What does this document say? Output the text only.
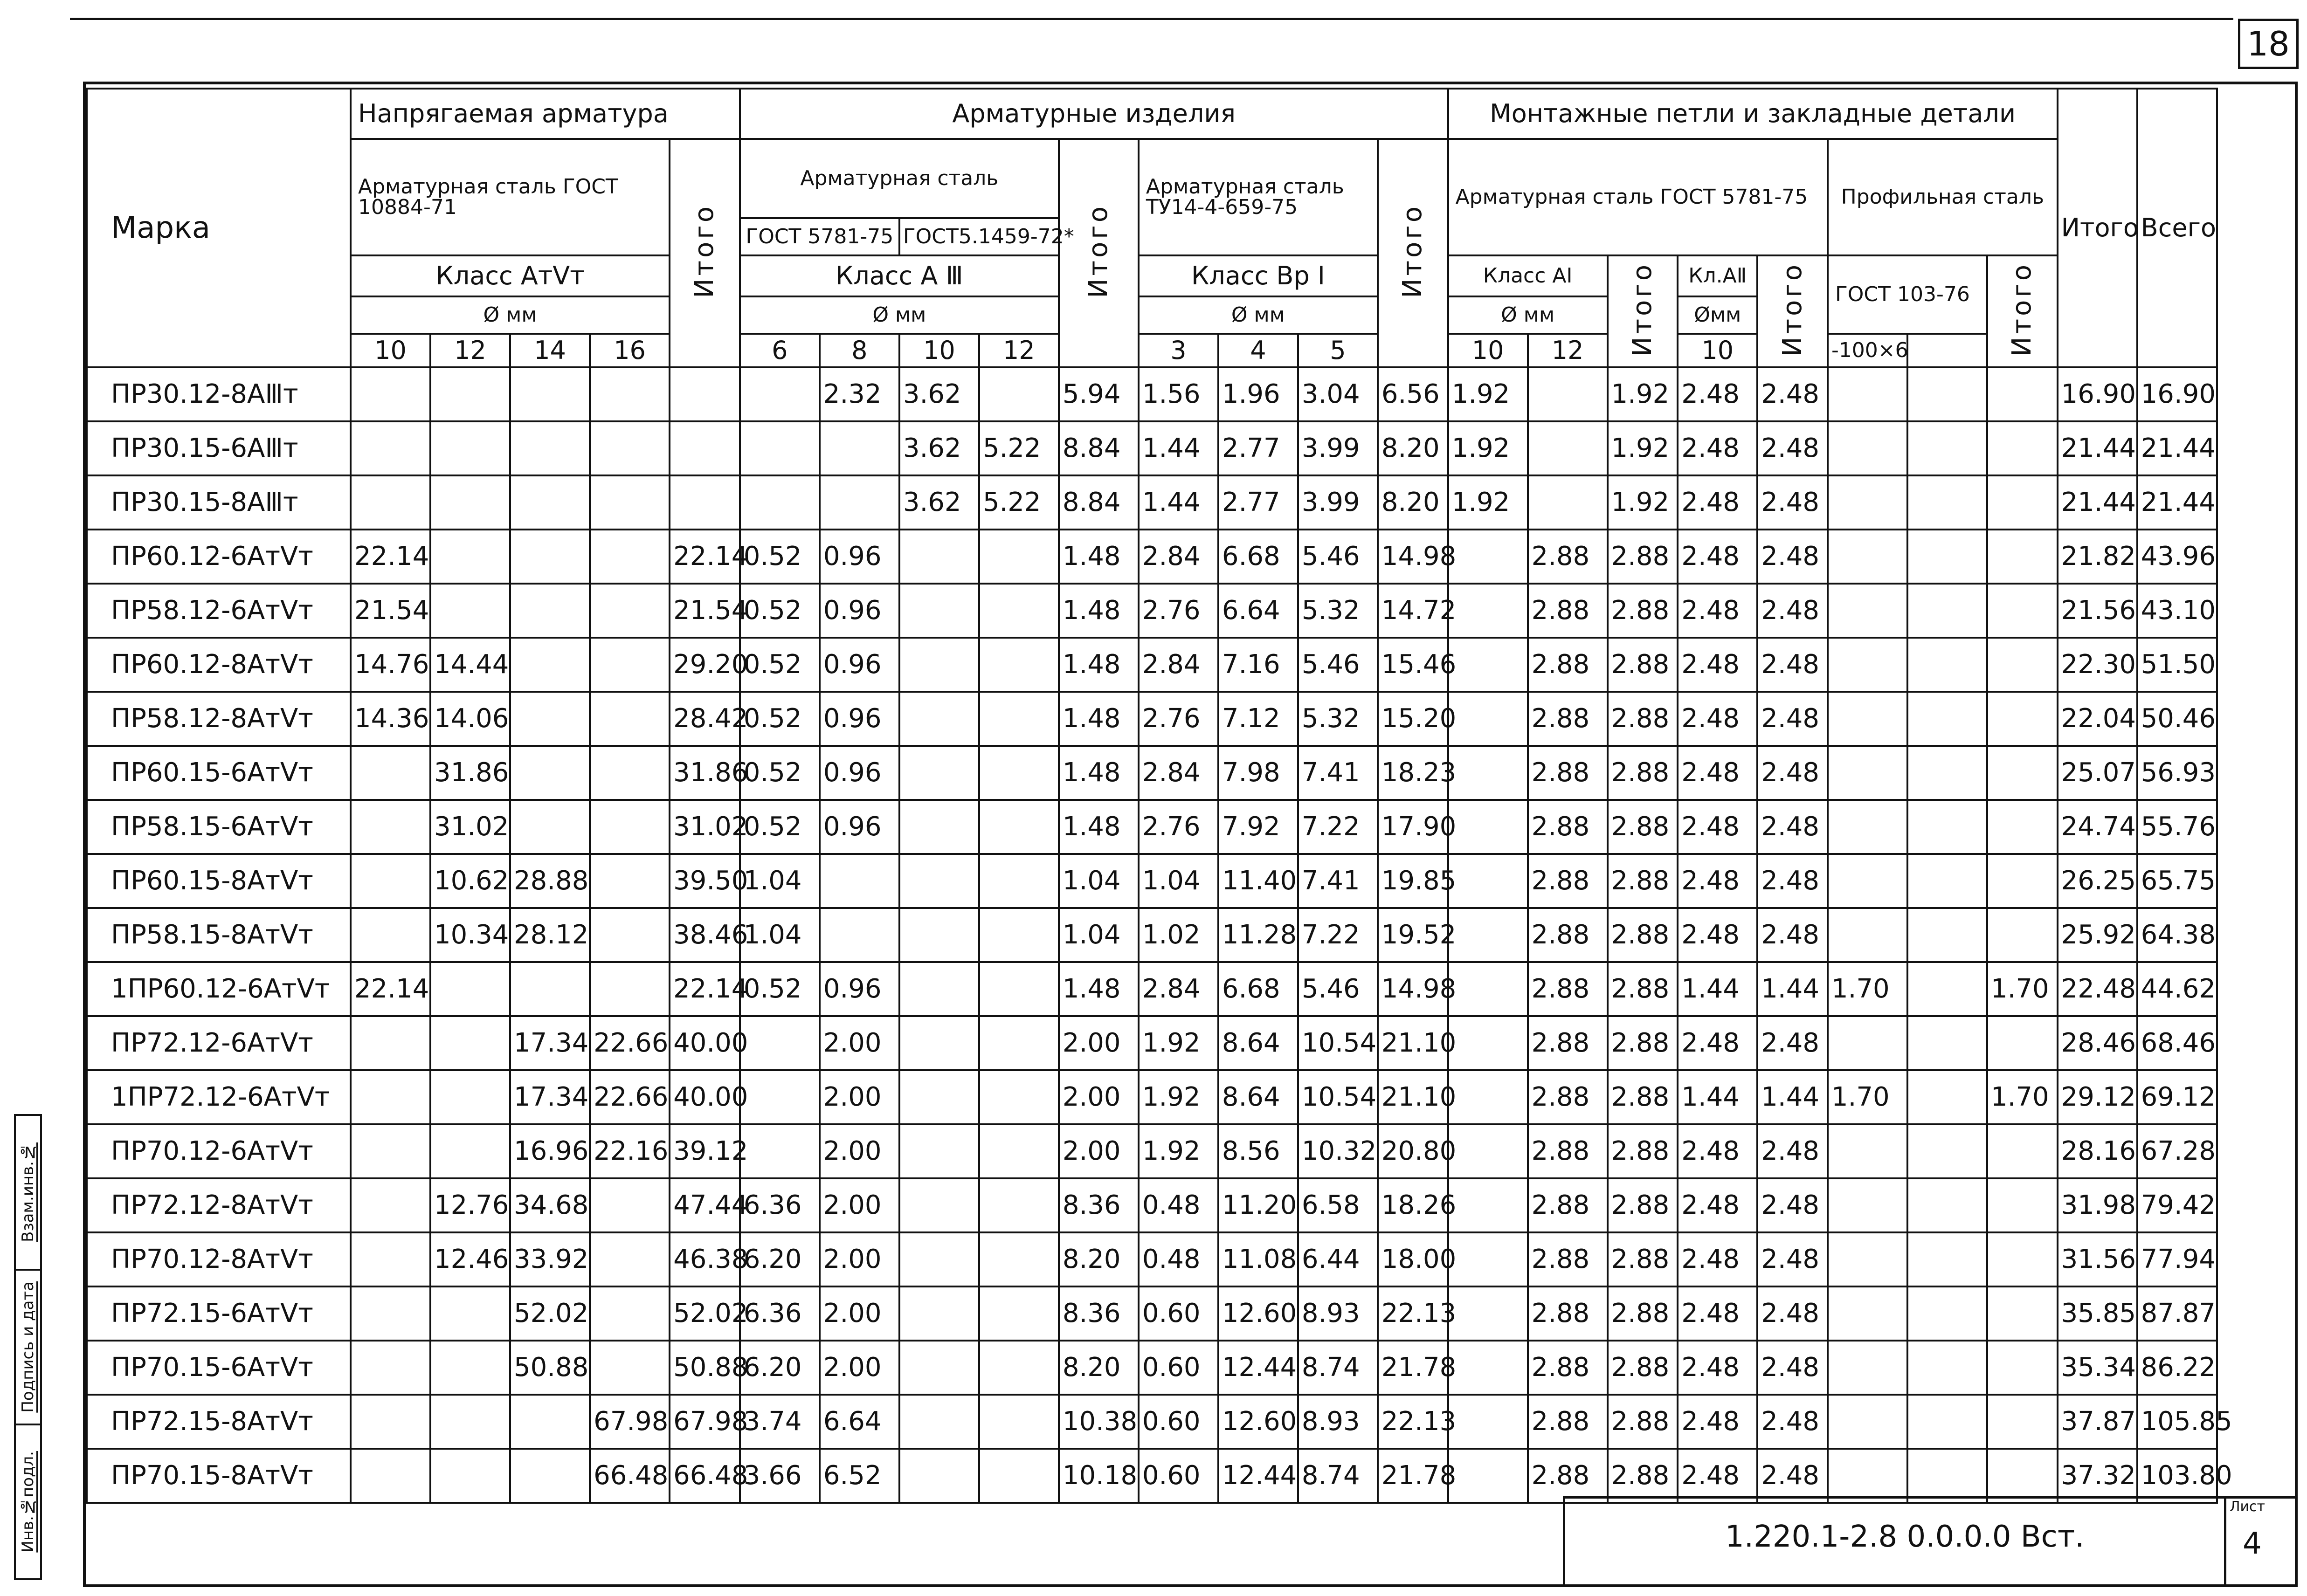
18
Марка	Напрягаемая арматура					Арматурные изделия									Монтажные петли и закладные детали								Итого	Всего
	Арматурная сталь ГОСТ 10884-71				Итого	Арматурная сталь				Итого	Арматурная сталь ТУ14-4-659-75			Итого	Арматурная сталь ГОСТ 5781-75					Профильная сталь				
						ГОСТ 5781-75		ГОСТ5.1459-72*																
	Класс АтⅤт					Класс А Ⅲ					Класс Вр Ⅰ				Класс АⅠ		Итого	Кл.АⅡ	Итого	ГОСТ 103-76		Итого		
	Ø мм					Ø мм					Ø мм				Ø мм			Øмм						
	10	12	14	16		6	8	10	12		3	4	5		10	12		10		-100×6				
ПР30.12-8АⅢт							2.32	3.62		5.94	1.56	1.96	3.04	6.56	1.92		1.92	2.48	2.48				16.90	16.90
ПР30.15-6АⅢт								3.62	5.22	8.84	1.44	2.77	3.99	8.20	1.92		1.92	2.48	2.48				21.44	21.44
ПР30.15-8АⅢт								3.62	5.22	8.84	1.44	2.77	3.99	8.20	1.92		1.92	2.48	2.48				21.44	21.44
ПР60.12-6АтⅤт	22.14				22.14	0.52	0.96			1.48	2.84	6.68	5.46	14.98		2.88	2.88	2.48	2.48				21.82	43.96
ПР58.12-6АтⅤт	21.54				21.54	0.52	0.96			1.48	2.76	6.64	5.32	14.72		2.88	2.88	2.48	2.48				21.56	43.10
ПР60.12-8АтⅤт	14.76	14.44			29.20	0.52	0.96			1.48	2.84	7.16	5.46	15.46		2.88	2.88	2.48	2.48				22.30	51.50
ПР58.12-8АтⅤт	14.36	14.06			28.42	0.52	0.96			1.48	2.76	7.12	5.32	15.20		2.88	2.88	2.48	2.48				22.04	50.46
ПР60.15-6АтⅤт		31.86			31.86	0.52	0.96			1.48	2.84	7.98	7.41	18.23		2.88	2.88	2.48	2.48				25.07	56.93
ПР58.15-6АтⅤт		31.02			31.02	0.52	0.96			1.48	2.76	7.92	7.22	17.90		2.88	2.88	2.48	2.48				24.74	55.76
ПР60.15-8АтⅤт		10.62	28.88		39.50	1.04				1.04	1.04	11.40	7.41	19.85		2.88	2.88	2.48	2.48				26.25	65.75
ПР58.15-8АтⅤт		10.34	28.12		38.46	1.04				1.04	1.02	11.28	7.22	19.52		2.88	2.88	2.48	2.48				25.92	64.38
1ПР60.12-6АтⅤт	22.14				22.14	0.52	0.96			1.48	2.84	6.68	5.46	14.98		2.88	2.88	1.44	1.44	1.70		1.70	22.48	44.62
ПР72.12-6АтⅤт			17.34	22.66	40.00		2.00			2.00	1.92	8.64	10.54	21.10		2.88	2.88	2.48	2.48				28.46	68.46
1ПР72.12-6АтⅤт			17.34	22.66	40.00		2.00			2.00	1.92	8.64	10.54	21.10		2.88	2.88	1.44	1.44	1.70		1.70	29.12	69.12
ПР70.12-6АтⅤт			16.96	22.16	39.12		2.00			2.00	1.92	8.56	10.32	20.80		2.88	2.88	2.48	2.48				28.16	67.28
ПР72.12-8АтⅤт		12.76	34.68		47.44	6.36	2.00			8.36	0.48	11.20	6.58	18.26		2.88	2.88	2.48	2.48				31.98	79.42
ПР70.12-8АтⅤт		12.46	33.92		46.38	6.20	2.00			8.20	0.48	11.08	6.44	18.00		2.88	2.88	2.48	2.48				31.56	77.94
ПР72.15-6АтⅤт			52.02		52.02	6.36	2.00			8.36	0.60	12.60	8.93	22.13		2.88	2.88	2.48	2.48				35.85	87.87
ПР70.15-6АтⅤт			50.88		50.88	6.20	2.00			8.20	0.60	12.44	8.74	21.78		2.88	2.88	2.48	2.48				35.34	86.22
ПР72.15-8АтⅤт				67.98	67.98	3.74	6.64			10.38	0.60	12.60	8.93	22.13		2.88	2.88	2.48	2.48				37.87	105.85
ПР70.15-8АтⅤт				66.48	66.48	3.66	6.52			10.18	0.60	12.44	8.74	21.78		2.88	2.88	2.48	2.48				37.32	103.80
Взам.инв.№
Подпись и дата
Инв.№подл.	1.220.1-2.8 0.0.0.0 Вст.
Лист
4
